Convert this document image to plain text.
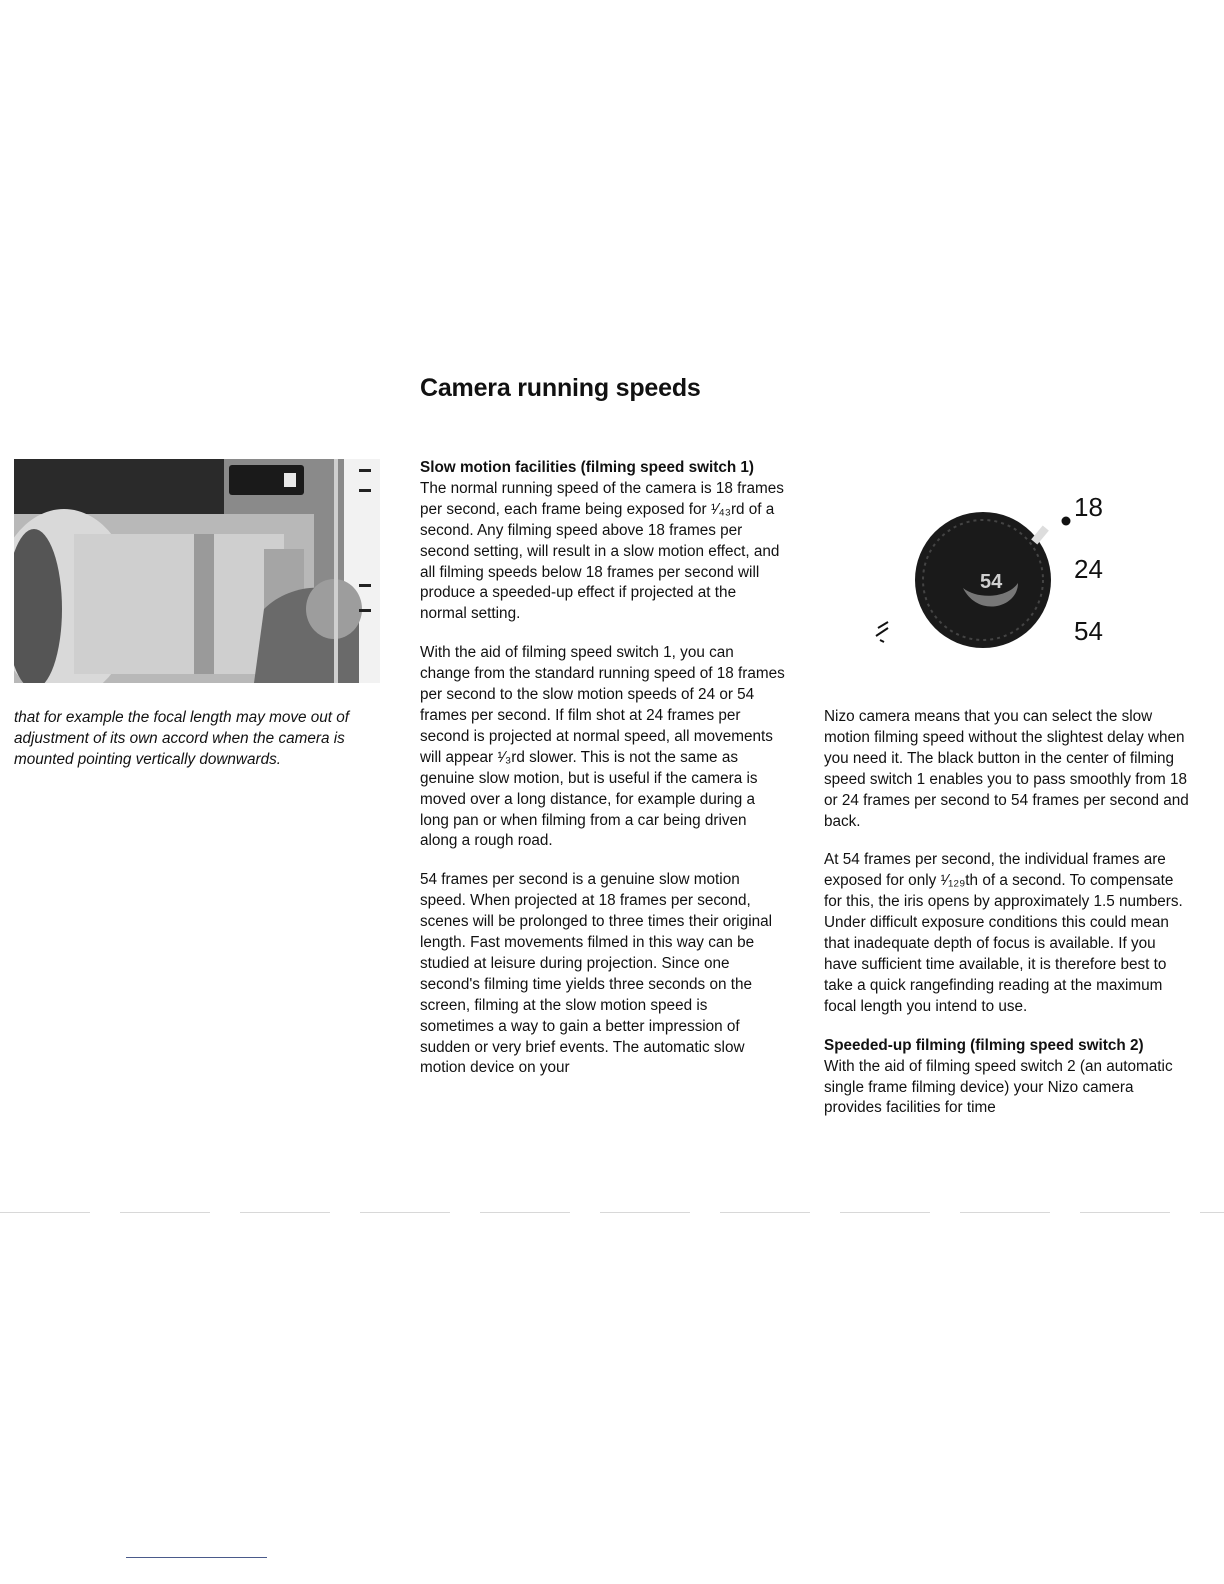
Camera running speeds

that for example the focal length may move out of adjustment of its own accord when the camera is mounted pointing vertically downwards.

Slow motion facilities (filming speed switch 1)

The normal running speed of the camera is 18 frames per second, each frame being exposed for ¹⁄₄₃rd of a second. Any filming speed above 18 frames per second setting, will result in a slow motion effect, and all filming speeds below 18 frames per second will produce a speeded-up effect if projected at the normal setting.

With the aid of filming speed switch 1, you can change from the standard running speed of 18 frames per second to the slow motion speeds of 24 or 54 frames per second. If film shot at 24 frames per second is projected at normal speed, all movements will appear ¹⁄₃rd slower. This is not the same as genuine slow motion, but is useful if the camera is moved over a long distance, for example during a long pan or when filming from a car being driven along a rough road.

54 frames per second is a genuine slow motion speed. When projected at 18 frames per second, scenes will be prolonged to three times their original length. Fast movements filmed in this way can be studied at leisure during projection. Since one second's filming time yields three seconds on the screen, filming at the slow motion speed is sometimes a way to gain a better impression of sudden or very brief events. The automatic slow motion device on your

54
18
24
54

Nizo camera means that you can select the slow motion filming speed without the slightest delay when you need it. The black button in the center of filming speed switch 1 enables you to pass smoothly from 18 or 24 frames per second to 54 frames per second and back.

At 54 frames per second, the individual frames are exposed for only ¹⁄₁₂₉th of a second. To compensate for this, the iris opens by approximately 1.5 numbers. Under difficult exposure conditions this could mean that inadequate depth of focus is available. If you have sufficient time available, it is therefore best to take a quick rangefinding reading at the maximum focal length you intend to use.

Speeded-up filming (filming speed switch 2)

With the aid of filming speed switch 2 (an automatic single frame filming device) your Nizo camera provides facilities for time
